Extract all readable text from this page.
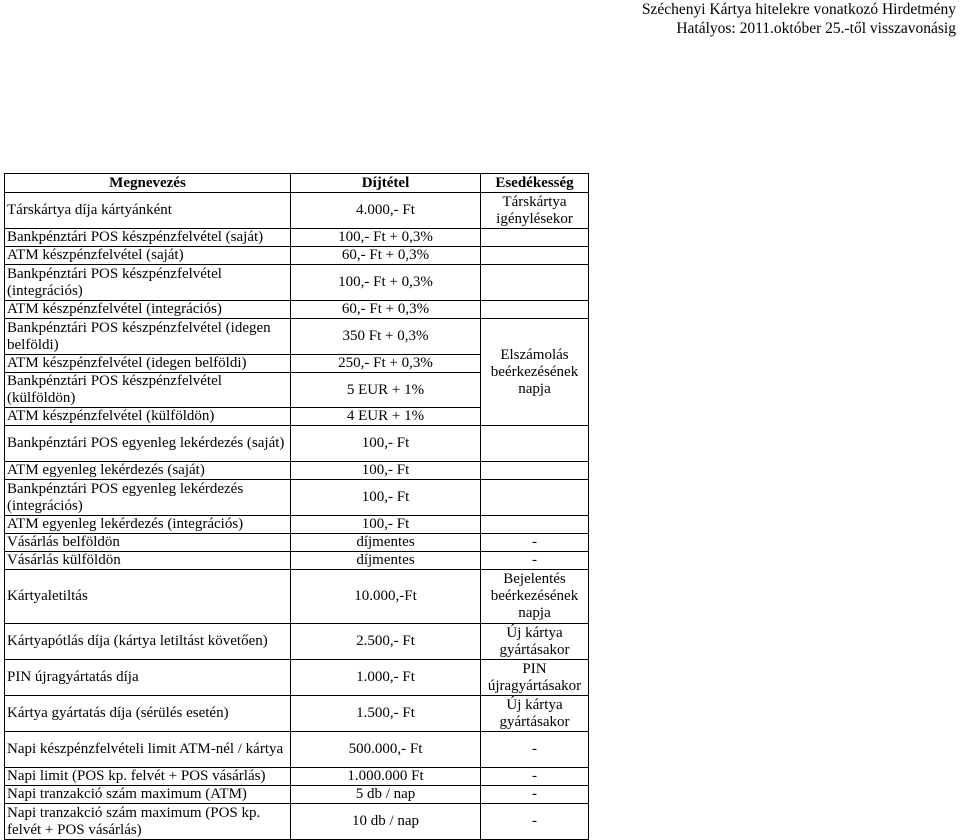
Széchenyi Kártya hitelekre vonatkozó Hirdetmény
Hatályos: 2011.október 25.-től visszavonásig
Megnevezés	Díjtétel	Esedékesség
Társkártya díja kártyánként	4.000,- Ft	Társkártya igénylésekor
Bankpénztári POS készpénzfelvétel (saját)	100,- Ft + 0,3%	
ATM készpénzfelvétel (saját)	60,- Ft + 0,3%	
Bankpénztári POS készpénzfelvétel (integrációs)	100,- Ft + 0,3%	
ATM készpénzfelvétel (integrációs)	60,- Ft + 0,3%	
Bankpénztári POS készpénzfelvétel (idegen belföldi)	350 Ft + 0,3%	Elszámolás beérkezésének napja
ATM készpénzfelvétel (idegen belföldi)	250,- Ft + 0,3%	
Bankpénztári POS készpénzfelvétel (külföldön)	5 EUR + 1%	
ATM készpénzfelvétel (külföldön)	4 EUR + 1%	
Bankpénztári POS egyenleg lekérdezés (saját)	100,- Ft	
ATM egyenleg lekérdezés (saját)	100,- Ft	
Bankpénztári POS egyenleg lekérdezés (integrációs)	100,- Ft	
ATM egyenleg lekérdezés (integrációs)	100,- Ft	
Vásárlás belföldön	díjmentes	-
Vásárlás külföldön	díjmentes	-
Kártyaletiltás	10.000,-Ft	Bejelentés beérkezésének napja
Kártyapótlás díja (kártya letiltást követően)	2.500,- Ft	Új kártya gyártásakor
PIN újragyártatás díja	1.000,- Ft	PIN újragyártásakor
Kártya gyártatás díja (sérülés esetén)	1.500,- Ft	Új kártya gyártásakor
Napi készpénzfelvételi limit ATM-nél / kártya	500.000,- Ft	-
Napi limit (POS kp. felvét + POS vásárlás)	1.000.000 Ft	-
Napi tranzakció szám maximum (ATM)	5 db / nap	-
Napi tranzakció szám maximum (POS kp. felvét + POS vásárlás)	10 db / nap	-
